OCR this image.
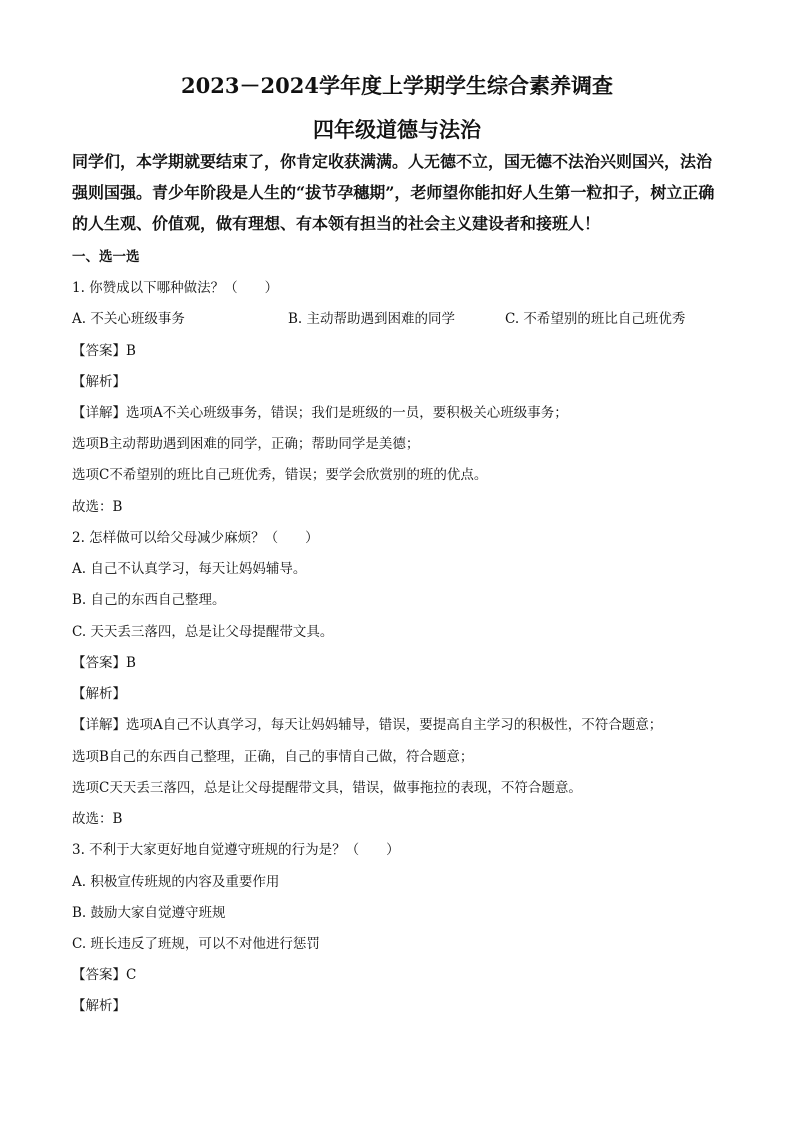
2023－2024学年度上学期学生综合素养调查
四年级道德与法治
同学们，本学期就要结束了，你肯定收获满满。人无德不立，国无德不法治兴则国兴，法治强则国强。青少年阶段是人生的“拔节孕穗期”，老师望你能扣好人生第一粒扣子，树立正确的人生观、价值观，做有理想、有本领有担当的社会主义建设者和接班人！
一、选一选
1. 你赞成以下哪种做法？（　　）
A. 不关心班级事务	B. 主动帮助遇到困难的同学	C. 不希望别的班比自己班优秀
【答案】B
【解析】
【详解】选项A不关心班级事务，错误；我们是班级的一员，要积极关心班级事务；
选项B主动帮助遇到困难的同学，正确；帮助同学是美德；
选项C不希望别的班比自己班优秀，错误；要学会欣赏别的班的优点。
故选：B
2. 怎样做可以给父母减少麻烦？（　　）
A. 自己不认真学习，每天让妈妈辅导。
B. 自己的东西自己整理。
C. 天天丢三落四，总是让父母提醒带文具。
【答案】B
【解析】
【详解】选项A自己不认真学习，每天让妈妈辅导，错误，要提高自主学习的积极性，不符合题意；
选项B自己的东西自己整理，正确，自己的事情自己做，符合题意；
选项C天天丢三落四，总是让父母提醒带文具，错误，做事拖拉的表现，不符合题意。
故选：B
3. 不利于大家更好地自觉遵守班规的行为是？（　　）
A. 积极宣传班规的内容及重要作用
B. 鼓励大家自觉遵守班规
C. 班长违反了班规，可以不对他进行惩罚
【答案】C
【解析】
